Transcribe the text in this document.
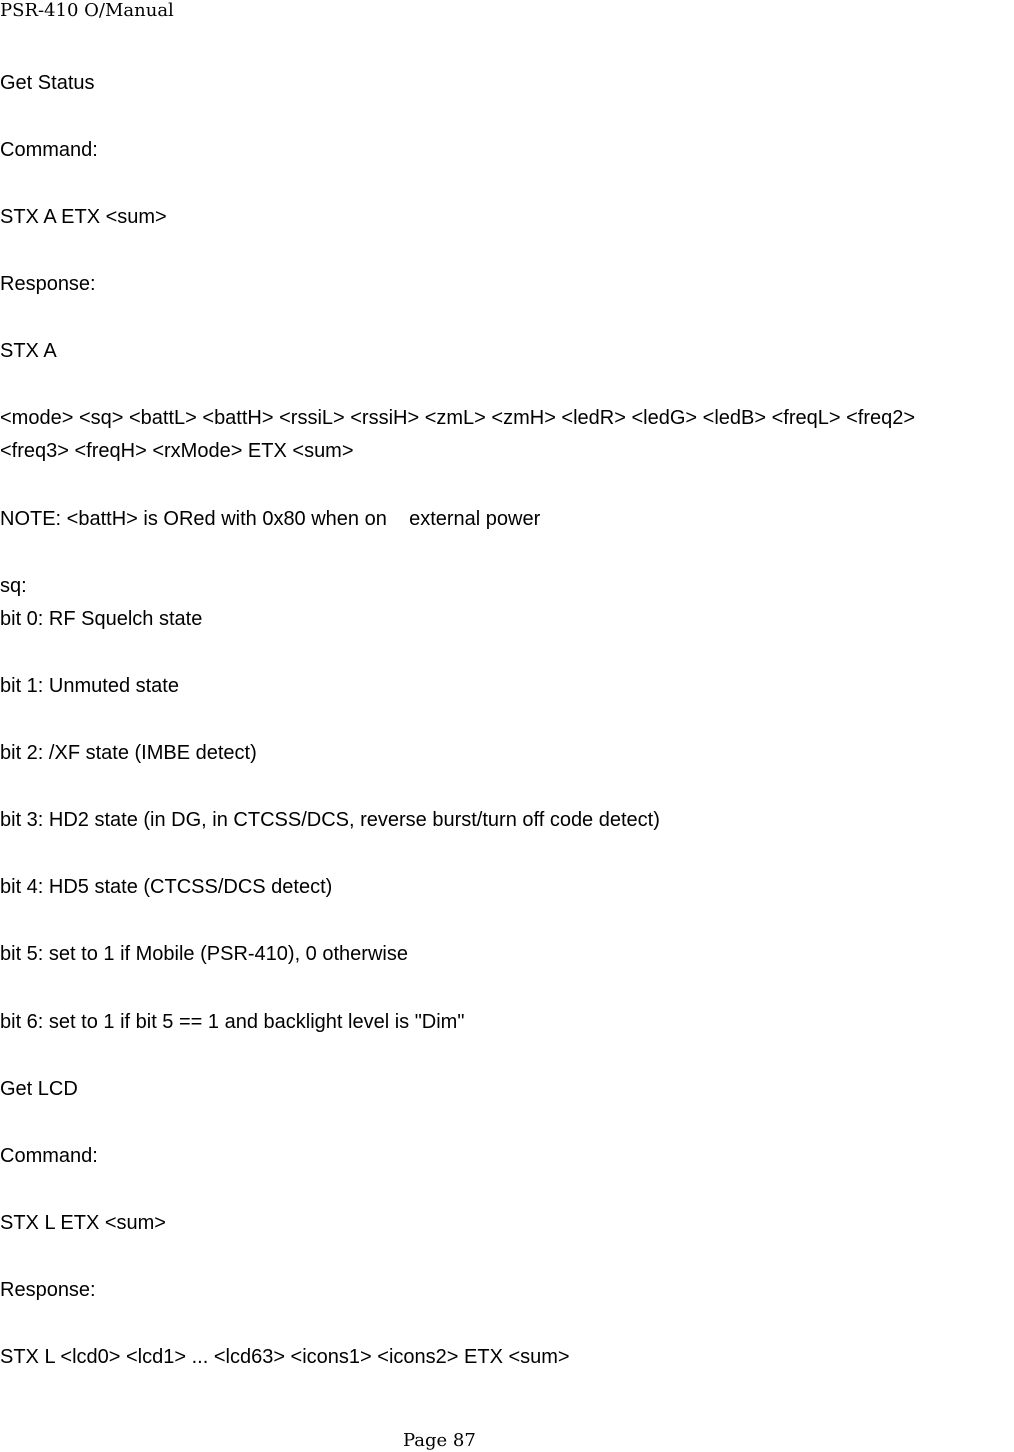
PSR-410 O/Manual
Get Status
Command:
STX A ETX <sum>
Response:
STX A
<mode> <sq> <battL> <battH> <rssiL> <rssiH> <zmL> <zmH> <ledR> <ledG> <ledB> <freqL> <freq2>
<freq3> <freqH> <rxMode> ETX <sum>
NOTE: <battH> is ORed with 0x80 when on external power
sq:
bit 0: RF Squelch state
bit 1: Unmuted state
bit 2: /XF state (IMBE detect)
bit 3: HD2 state (in DG, in CTCSS/DCS, reverse burst/turn off code detect)
bit 4: HD5 state (CTCSS/DCS detect)
bit 5: set to 1 if Mobile (PSR-410), 0 otherwise
bit 6: set to 1 if bit 5 == 1 and backlight level is "Dim"
Get LCD
Command:
STX L ETX <sum>
Response:
STX L <lcd0> <lcd1> ... <lcd63> <icons1> <icons2> ETX <sum>
Page 87
